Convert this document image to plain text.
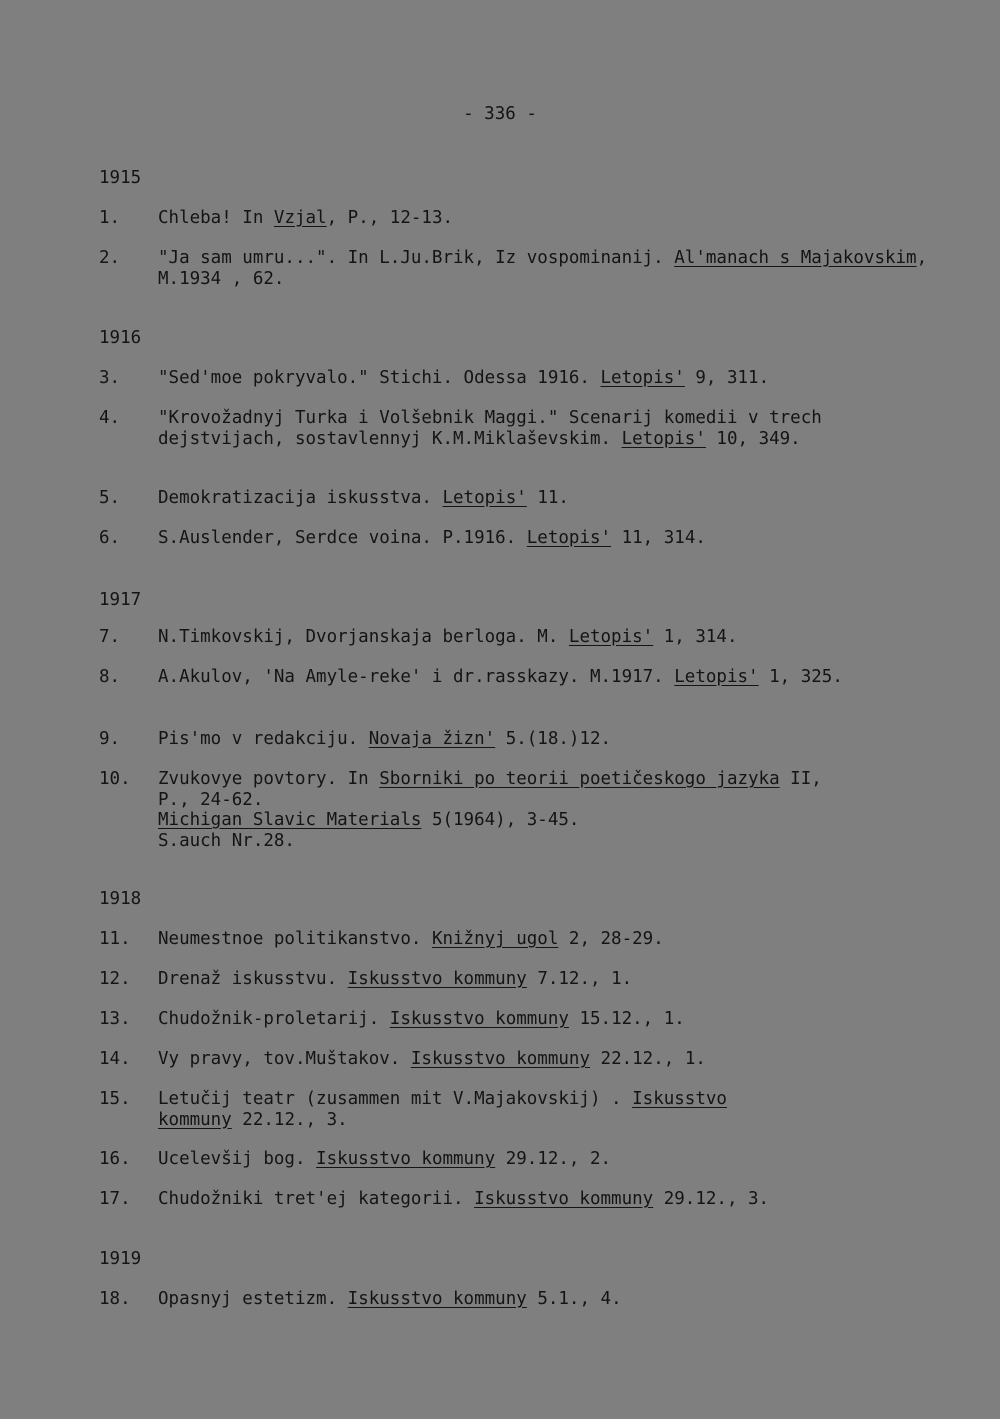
- 336 -
1915
1. Chleba! In Vzjal, P., 12-13.
2. "Ja sam umru...". In L.Ju.Brik, Iz vospominanij. Al'manach s Majakovskim, M.1934 , 62.
1916
3. "Sed'moe pokryvalo." Stichi. Odessa 1916. Letopis' 9, 311.
4. "Krovožadnyj Turka i Volšebnik Maggi." Scenarij komedii v trech dejstvijach, sostavlennyj K.M.Miklaševskim. Letopis' 10, 349.
5. Demokratizacija iskusstva. Letopis' 11.
6. S.Auslender, Serdce voina. P.1916. Letopis' 11, 314.
1917
7. N.Timkovskij, Dvorjanskaja berloga. M. Letopis' 1, 314.
8. A.Akulov, 'Na Amyle-reke' i dr.rasskazy. M.1917. Letopis' 1, 325.
9. Pis'mo v redakciju. Novaja žizn' 5.(18.)12.
10. Zvukovye povtory. In Sborniki po teorii poetičeskogo jazyka II,
P., 24-62.
Michigan Slavic Materials 5(1964), 3-45.
S.auch Nr.28.
1918
11. Neumestnoe politikanstvo. Knižnyj ugol 2, 28-29.
12. Drenaž iskusstvu. Iskusstvo kommuny 7.12., 1.
13. Chudožnik-proletarij. Iskusstvo kommuny 15.12., 1.
14. Vy pravy, tov.Muštakov. Iskusstvo kommuny 22.12., 1.
15. Letučij teatr (zusammen mit V.Majakovskij) . Iskusstvo
kommuny 22.12., 3.
16. Ucelevšij bog. Iskusstvo kommuny 29.12., 2.
17. Chudožniki tret'ej kategorii. Iskusstvo kommuny 29.12., 3.
1919
18. Opasnyj estetizm. Iskusstvo kommuny 5.1., 4.
